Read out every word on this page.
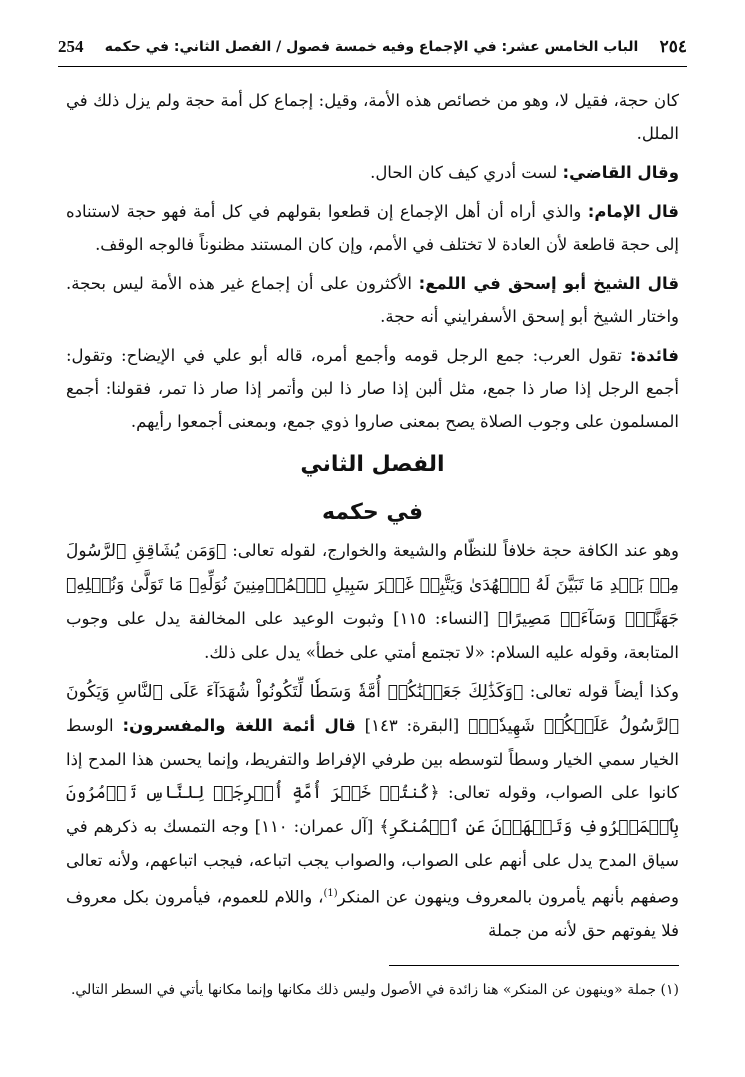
254	الباب الخامس عشر: في الإجماع وفيه خمسة فصول / الفصل الثاني: في حكمه	٢٥٤

كان حجة، فقيل لا، وهو من خصائص هذه الأمة، وقيل: إجماع كل أمة حجة ولم يزل ذلك في الملل.

وقال القاضي: لست أدري كيف كان الحال.

قال الإمام: والذي أراه أن أهل الإجماع إن قطعوا بقولهم في كل أمة فهو حجة لاستناده إلى حجة قاطعة لأن العادة لا تختلف في الأمم، وإن كان المستند مظنوناً فالوجه الوقف.

قال الشيخ أبو إسحق في اللمع: الأكثرون على أن إجماع غير هذه الأمة ليس بحجة. واختار الشيخ أبو إسحق الأسفرايني أنه حجة.

فائدة: تقول العرب: جمع الرجل قومه وأجمع أمره، قاله أبو علي في الإيضاح: وتقول: أجمع الرجل إذا صار ذا جمع، مثل ألبن إذا صار ذا لبن وأتمر إذا صار ذا تمر، فقولنا: أجمع المسلمون على وجوب الصلاة يصح بمعنى صاروا ذوي جمع، وبمعنى أجمعوا رأيهم.

الفصل الثاني
في حكمه

وهو عند الكافة حجة خلافاً للنظّام والشيعة والخوارج، لقوله تعالى: ﴿وَمَن يُشَاقِقِ ٱلرَّسُولَ مِنۢ بَعۡدِ مَا تَبَيَّنَ لَهُ ٱلۡهُدَىٰ وَيَتَّبِعۡ غَيۡرَ سَبِيلِ ٱلۡمُؤۡمِنِينَ نُوَلِّهِۦ مَا تَوَلَّىٰ وَنُصۡلِهِۦ جَهَنَّمَۖ وَسَآءَتۡ مَصِيرًا﴾ [النساء: ١١٥] وثبوت الوعيد على المخالفة يدل على وجوب المتابعة، وقوله عليه السلام: «لا تجتمع أمتي على خطأ» يدل على ذلك.

وكذا أيضاً قوله تعالى: ﴿وَكَذَٰلِكَ جَعَلۡنَٰكُمۡ أُمَّةٗ وَسَطٗا لِّتَكُونُواْ شُهَدَآءَ عَلَى ٱلنَّاسِ وَيَكُونَ ٱلرَّسُولُ عَلَيۡكُمۡ شَهِيدٗاۗ﴾ [البقرة: ١٤٣] قال أئمة اللغة والمفسرون: الوسط الخيار سمي الخيار وسطاً لتوسطه بين طرفي الإفراط والتفريط، وإنما يحسن هذا المدح إذا كانوا على الصواب، وقوله تعالى: ﴿كُنتُمۡ خَيۡرَ أُمَّةٍ أُخۡرِجَتۡ لِلنَّاسِ تَأۡمُرُونَ بِٱلۡمَعۡرُوفِ وَتَنۡهَوۡنَ عَنِ ٱلۡمُنكَرِ﴾ [آل عمران: ١١٠] وجه التمسك به ذكرهم في سياق المدح يدل على أنهم على الصواب، والصواب يجب اتباعه، فيجب اتباعهم، ولأنه تعالى وصفهم بأنهم يأمرون بالمعروف وينهون عن المنكر$^{(1)}$، واللام للعموم، فيأمرون بكل معروف فلا يفوتهم حق لأنه من جملة

(١) جملة «وينهون عن المنكر» هنا زائدة في الأصول وليس ذلك مكانها وإنما مكانها يأتي في السطر التالي.
